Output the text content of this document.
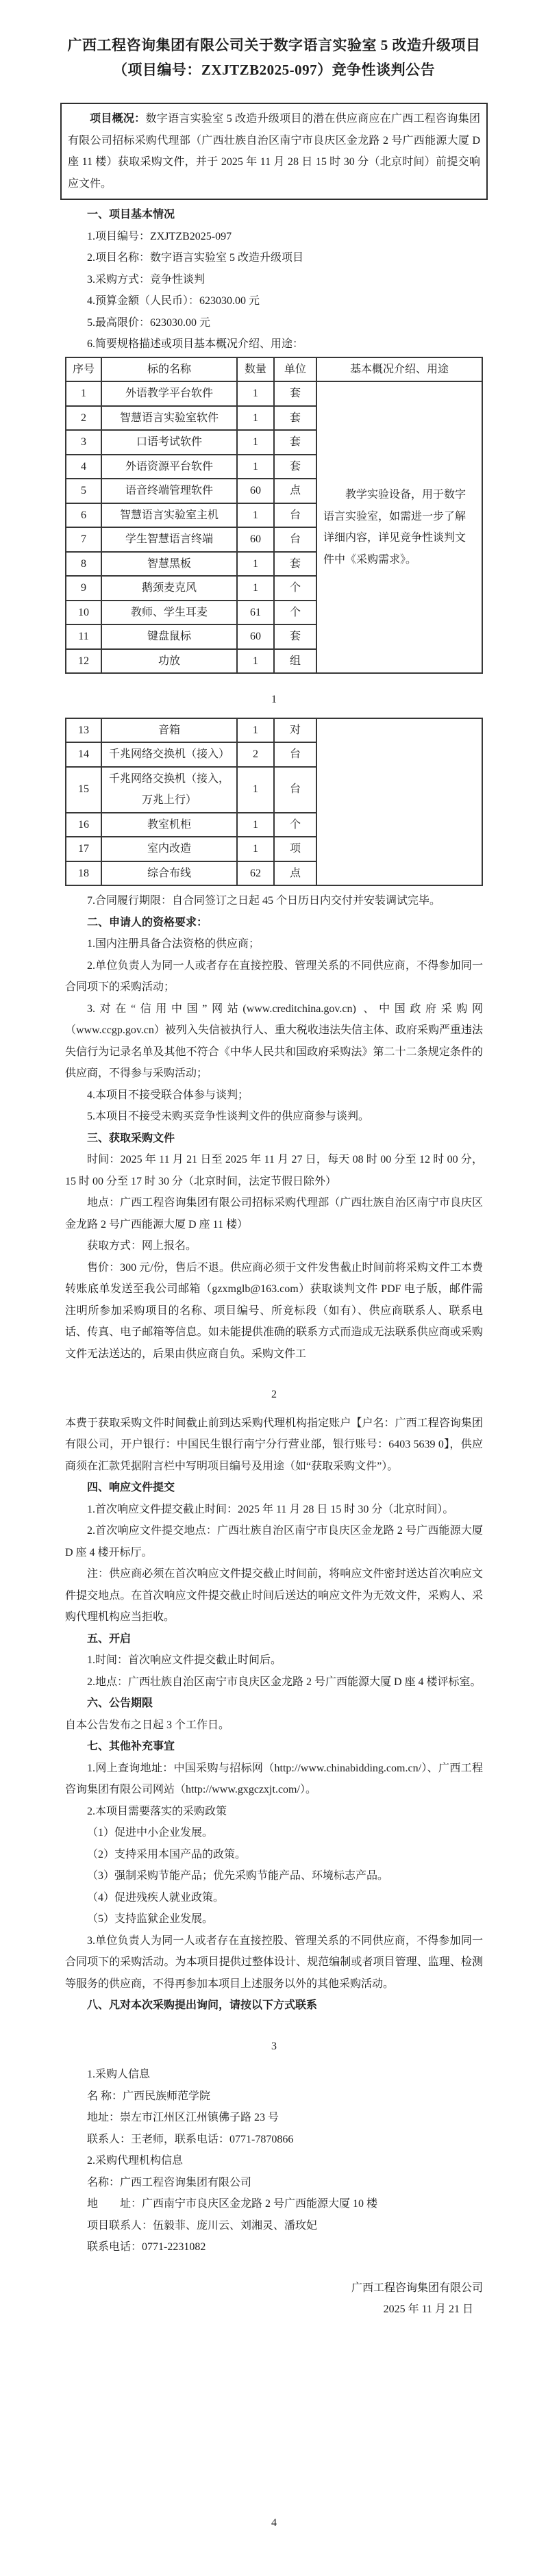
广西工程咨询集团有限公司关于数字语言实验室 5 改造升级项目
（项目编号：ZXJTZB2025-097）竞争性谈判公告

项目概况：数字语言实验室 5 改造升级项目的潜在供应商应在广西工程咨询集团有限公司招标采购代理部（广西壮族自治区南宁市良庆区金龙路 2 号广西能源大厦 D 座 11 楼）获取采购文件，并于 2025 年 11 月 28 日 15 时 30 分（北京时间）前提交响应文件。

一、项目基本情况

1.项目编号：ZXJTZB2025-097

2.项目名称：数字语言实验室 5 改造升级项目

3.采购方式：竞争性谈判

4.预算金额（人民币）：623030.00 元

5.最高限价：623030.00 元

6.简要规格描述或项目基本概况介绍、用途：

序号	标的名称	数量	单位	基本概况介绍、用途
1	外语教学平台软件	1	套	教学实验设备，用于数字语言实验室，如需进一步了解详细内容，详见竞争性谈判文件中《采购需求》。
2	智慧语言实验室软件	1	套	
3	口语考试软件	1	套	
4	外语资源平台软件	1	套	
5	语音终端管理软件	60	点	
6	智慧语言实验室主机	1	台	
7	学生智慧语言终端	60	台	
8	智慧黑板	1	套	
9	鹅颈麦克风	1	个	
10	教师、学生耳麦	61	个	
11	键盘鼠标	60	套	
12	功放	1	组	

1

13	音箱	1	对	
14	千兆网络交换机（接入）	2	台	
15	千兆网络交换机（接入，万兆上行）	1	台	
16	教室机柜	1	个	
17	室内改造	1	项	
18	综合布线	62	点	

7.合同履行期限：自合同签订之日起 45 个日历日内交付并安装调试完毕。

二、申请人的资格要求：

1.国内注册具备合法资格的供应商；

2.单位负责人为同一人或者存在直接控股、管理关系的不同供应商，不得参加同一合同项下的采购活动；

3.对在“信用中国”网站(www.creditchina.gov.cn) 、中国政府采购网（www.ccgp.gov.cn）被列入失信被执行人、重大税收违法失信主体、政府采购严重违法失信行为记录名单及其他不符合《中华人民共和国政府采购法》第二十二条规定条件的供应商，不得参与采购活动；

4.本项目不接受联合体参与谈判；

5.本项目不接受未购买竞争性谈判文件的供应商参与谈判。

三、获取采购文件

时间：2025 年 11 月 21 日至 2025 年 11 月 27 日，每天 08 时 00 分至 12 时 00 分，15 时 00 分至 17 时 30 分（北京时间，法定节假日除外）

地点：广西工程咨询集团有限公司招标采购代理部（广西壮族自治区南宁市良庆区金龙路 2 号广西能源大厦 D 座 11 楼）

获取方式：网上报名。

售价：300 元/份，售后不退。供应商必须于文件发售截止时间前将采购文件工本费转账底单发送至我公司邮箱（gzxmglb@163.com）获取谈判文件 PDF 电子版，邮件需注明所参加采购项目的名称、项目编号、所竞标段（如有）、供应商联系人、联系电话、传真、电子邮箱等信息。如未能提供准确的联系方式而造成无法联系供应商或采购文件无法送达的，后果由供应商自负。采购文件工

2

本费于获取采购文件时间截止前到达采购代理机构指定账户【户名：广西工程咨询集团有限公司，开户银行：中国民生银行南宁分行营业部，银行账号：6403 5639 0】，供应商须在汇款凭据附言栏中写明项目编号及用途（如“获取采购文件”）。

四、响应文件提交

1.首次响应文件提交截止时间：2025 年 11 月 28 日 15 时 30 分（北京时间）。

2.首次响应文件提交地点：广西壮族自治区南宁市良庆区金龙路 2 号广西能源大厦 D 座 4 楼开标厅。

注：供应商必须在首次响应文件提交截止时间前，将响应文件密封送达首次响应文件提交地点。在首次响应文件提交截止时间后送达的响应文件为无效文件，采购人、采购代理机构应当拒收。

五、开启

1.时间：首次响应文件提交截止时间后。

2.地点：广西壮族自治区南宁市良庆区金龙路 2 号广西能源大厦 D 座 4 楼评标室。

六、公告期限

自本公告发布之日起 3 个工作日。

七、其他补充事宜

1.网上查询地址：中国采购与招标网（http://www.chinabidding.com.cn/）、广西工程咨询集团有限公司网站（http://www.gxgczxjt.com/）。

2.本项目需要落实的采购政策

（1）促进中小企业发展。

（2）支持采用本国产品的政策。

（3）强制采购节能产品；优先采购节能产品、环境标志产品。

（4）促进残疾人就业政策。

（5）支持监狱企业发展。

3.单位负责人为同一人或者存在直接控股、管理关系的不同供应商，不得参加同一合同项下的采购活动。为本项目提供过整体设计、规范编制或者项目管理、监理、检测等服务的供应商，不得再参加本项目上述服务以外的其他采购活动。

八、凡对本次采购提出询问，请按以下方式联系

3

1.采购人信息

名 称：广西民族师范学院

地址：崇左市江州区江州镇佛子路 23 号

联系人：王老师，联系电话：0771-7870866

2.采购代理机构信息

名称：广西工程咨询集团有限公司

地　　址：广西南宁市良庆区金龙路 2 号广西能源大厦 10 楼

项目联系人：伍毅菲、庞川云、刘湘灵、潘玫妃

联系电话：0771-2231082

广西工程咨询集团有限公司

2025 年 11 月 21 日

4
